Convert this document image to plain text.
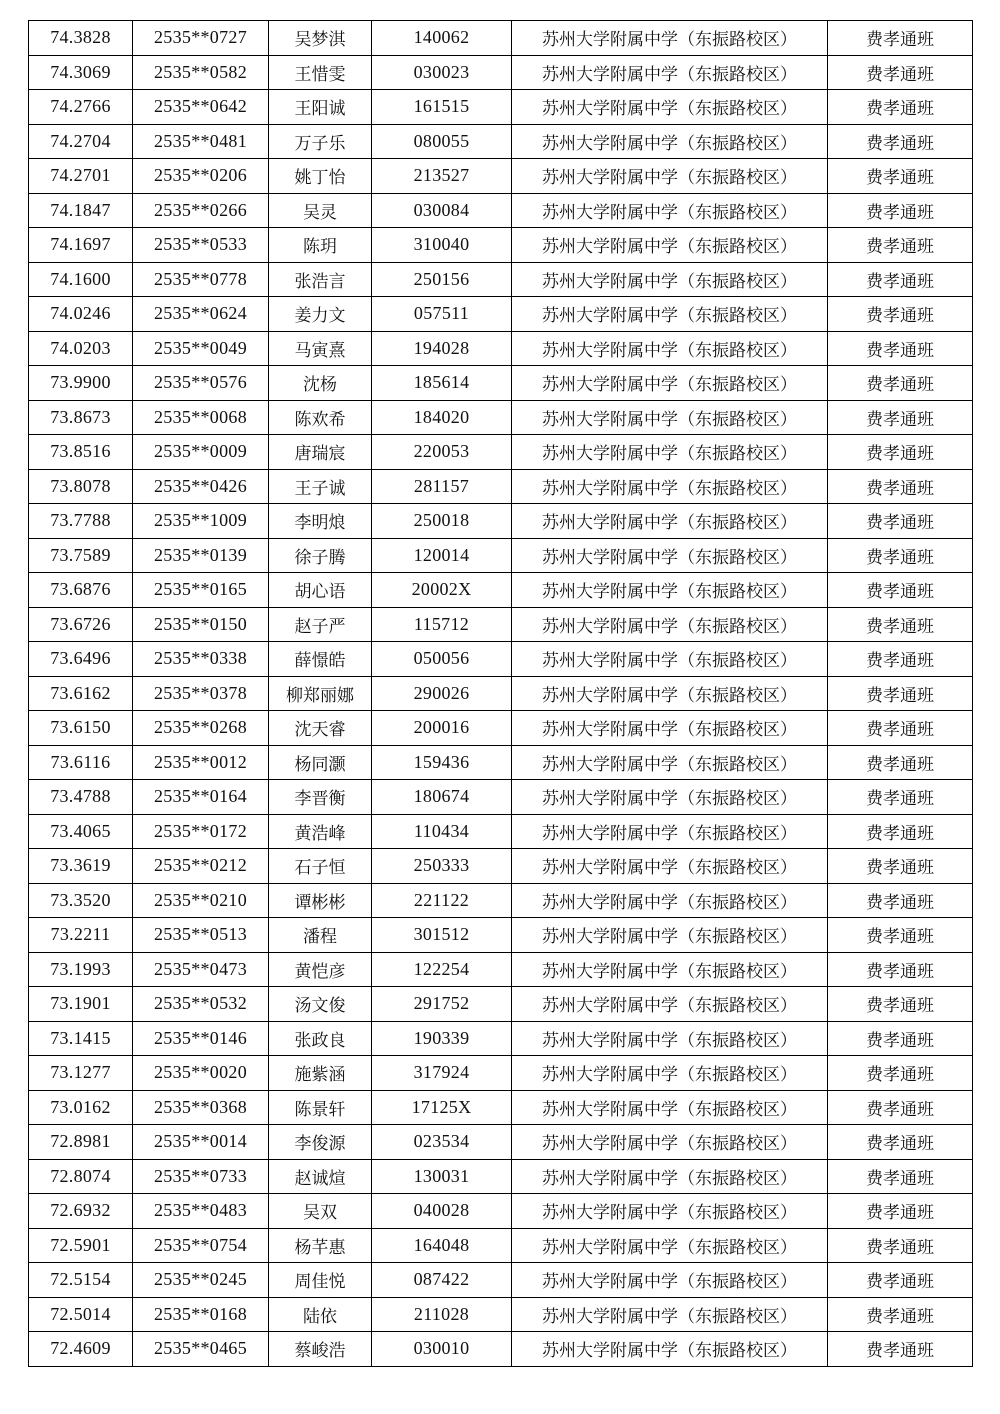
74.3828	2535**0727	吴梦淇	140062	苏州大学附属中学（东振路校区）	费孝通班
74.3069	2535**0582	王惜雯	030023	苏州大学附属中学（东振路校区）	费孝通班
74.2766	2535**0642	王阳诚	161515	苏州大学附属中学（东振路校区）	费孝通班
74.2704	2535**0481	万子乐	080055	苏州大学附属中学（东振路校区）	费孝通班
74.2701	2535**0206	姚丁怡	213527	苏州大学附属中学（东振路校区）	费孝通班
74.1847	2535**0266	吴灵	030084	苏州大学附属中学（东振路校区）	费孝通班
74.1697	2535**0533	陈玥	310040	苏州大学附属中学（东振路校区）	费孝通班
74.1600	2535**0778	张浩言	250156	苏州大学附属中学（东振路校区）	费孝通班
74.0246	2535**0624	姜力文	057511	苏州大学附属中学（东振路校区）	费孝通班
74.0203	2535**0049	马寅熹	194028	苏州大学附属中学（东振路校区）	费孝通班
73.9900	2535**0576	沈杨	185614	苏州大学附属中学（东振路校区）	费孝通班
73.8673	2535**0068	陈欢希	184020	苏州大学附属中学（东振路校区）	费孝通班
73.8516	2535**0009	唐瑞宸	220053	苏州大学附属中学（东振路校区）	费孝通班
73.8078	2535**0426	王子诚	281157	苏州大学附属中学（东振路校区）	费孝通班
73.7788	2535**1009	李明烺	250018	苏州大学附属中学（东振路校区）	费孝通班
73.7589	2535**0139	徐子腾	120014	苏州大学附属中学（东振路校区）	费孝通班
73.6876	2535**0165	胡心语	20002X	苏州大学附属中学（东振路校区）	费孝通班
73.6726	2535**0150	赵子严	115712	苏州大学附属中学（东振路校区）	费孝通班
73.6496	2535**0338	薛憬皓	050056	苏州大学附属中学（东振路校区）	费孝通班
73.6162	2535**0378	柳郑丽娜	290026	苏州大学附属中学（东振路校区）	费孝通班
73.6150	2535**0268	沈天睿	200016	苏州大学附属中学（东振路校区）	费孝通班
73.6116	2535**0012	杨同灏	159436	苏州大学附属中学（东振路校区）	费孝通班
73.4788	2535**0164	李晋衡	180674	苏州大学附属中学（东振路校区）	费孝通班
73.4065	2535**0172	黄浩峰	110434	苏州大学附属中学（东振路校区）	费孝通班
73.3619	2535**0212	石子恒	250333	苏州大学附属中学（东振路校区）	费孝通班
73.3520	2535**0210	谭彬彬	221122	苏州大学附属中学（东振路校区）	费孝通班
73.2211	2535**0513	潘程	301512	苏州大学附属中学（东振路校区）	费孝通班
73.1993	2535**0473	黄恺彦	122254	苏州大学附属中学（东振路校区）	费孝通班
73.1901	2535**0532	汤文俊	291752	苏州大学附属中学（东振路校区）	费孝通班
73.1415	2535**0146	张政良	190339	苏州大学附属中学（东振路校区）	费孝通班
73.1277	2535**0020	施紫涵	317924	苏州大学附属中学（东振路校区）	费孝通班
73.0162	2535**0368	陈景轩	17125X	苏州大学附属中学（东振路校区）	费孝通班
72.8981	2535**0014	李俊源	023534	苏州大学附属中学（东振路校区）	费孝通班
72.8074	2535**0733	赵诚煊	130031	苏州大学附属中学（东振路校区）	费孝通班
72.6932	2535**0483	吴双	040028	苏州大学附属中学（东振路校区）	费孝通班
72.5901	2535**0754	杨芊惠	164048	苏州大学附属中学（东振路校区）	费孝通班
72.5154	2535**0245	周佳悦	087422	苏州大学附属中学（东振路校区）	费孝通班
72.5014	2535**0168	陆依	211028	苏州大学附属中学（东振路校区）	费孝通班
72.4609	2535**0465	蔡峻浩	030010	苏州大学附属中学（东振路校区）	费孝通班
